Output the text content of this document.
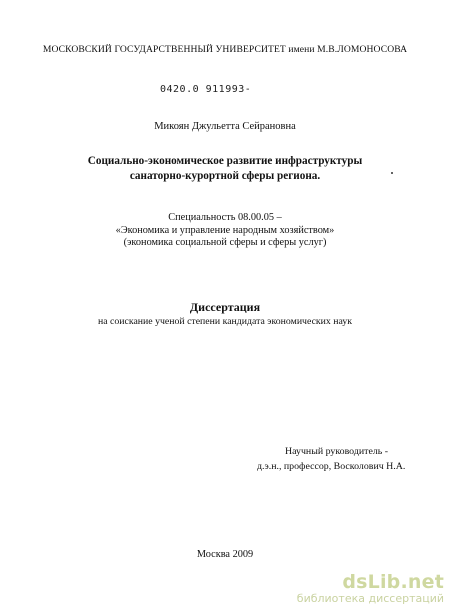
МОСКОВСКИЙ ГОСУДАРСТВЕННЫЙ УНИВЕРСИТЕТ имени М.В.ЛОМОНОСОВА
0420.0 911993-
Микоян Джульетта Сейрановна
Социально-экономическое развитие инфраструктуры
санаторно-курортной сферы региона.
Специальность 08.00.05 –
«Экономика и управление народным хозяйством»
(экономика социальной сферы и сферы услуг)
Диссертация
на соискание ученой степени кандидата экономических наук
Научный руководитель -
д.э.н., профессор, Восколович Н.А.
Москва 2009
dsLib.net
библиотека диссертаций
